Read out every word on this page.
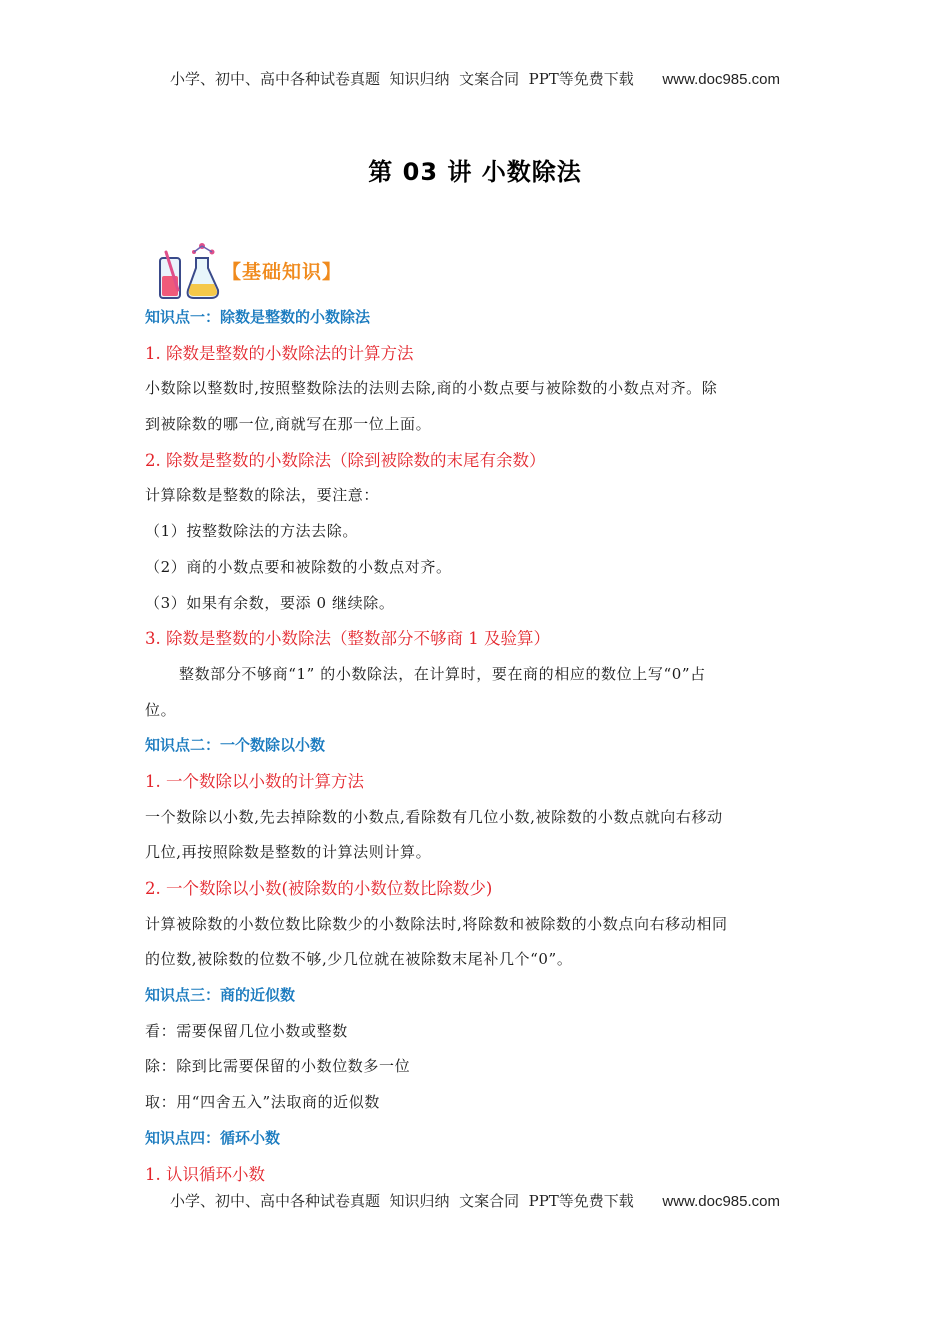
小学、初中、高中各种试卷真题  知识归纳  文案合同  PPT等免费下载 www.doc985.com
第 03 讲 小数除法
【基础知识】
知识点一：除数是整数的小数除法
1. 除数是整数的小数除法的计算方法
小数除以整数时,按照整数除法的法则去除,商的小数点要与被除数的小数点对齐。除
到被除数的哪一位,商就写在那一位上面。
2. 除数是整数的小数除法（除到被除数的末尾有余数）
计算除数是整数的除法，要注意：
（1）按整数除法的方法去除。
（2）商的小数点要和被除数的小数点对齐。
（3）如果有余数，要添 0 继续除。
3. 除数是整数的小数除法（整数部分不够商 1 及验算）
整数部分不够商“1” 的小数除法，在计算时，要在商的相应的数位上写“0”占
位。
知识点二：一个数除以小数
1. 一个数除以小数的计算方法
一个数除以小数,先去掉除数的小数点,看除数有几位小数,被除数的小数点就向右移动
几位,再按照除数是整数的计算法则计算。
2. 一个数除以小数(被除数的小数位数比除数少)
计算被除数的小数位数比除数少的小数除法时,将除数和被除数的小数点向右移动相同
的位数,被除数的位数不够,少几位就在被除数末尾补几个“0”。
知识点三：商的近似数
看：需要保留几位小数或整数
除：除到比需要保留的小数位数多一位
取：用“四舍五入”法取商的近似数
知识点四：循环小数
1. 认识循环小数
小学、初中、高中各种试卷真题  知识归纳  文案合同  PPT等免费下载 www.doc985.com
